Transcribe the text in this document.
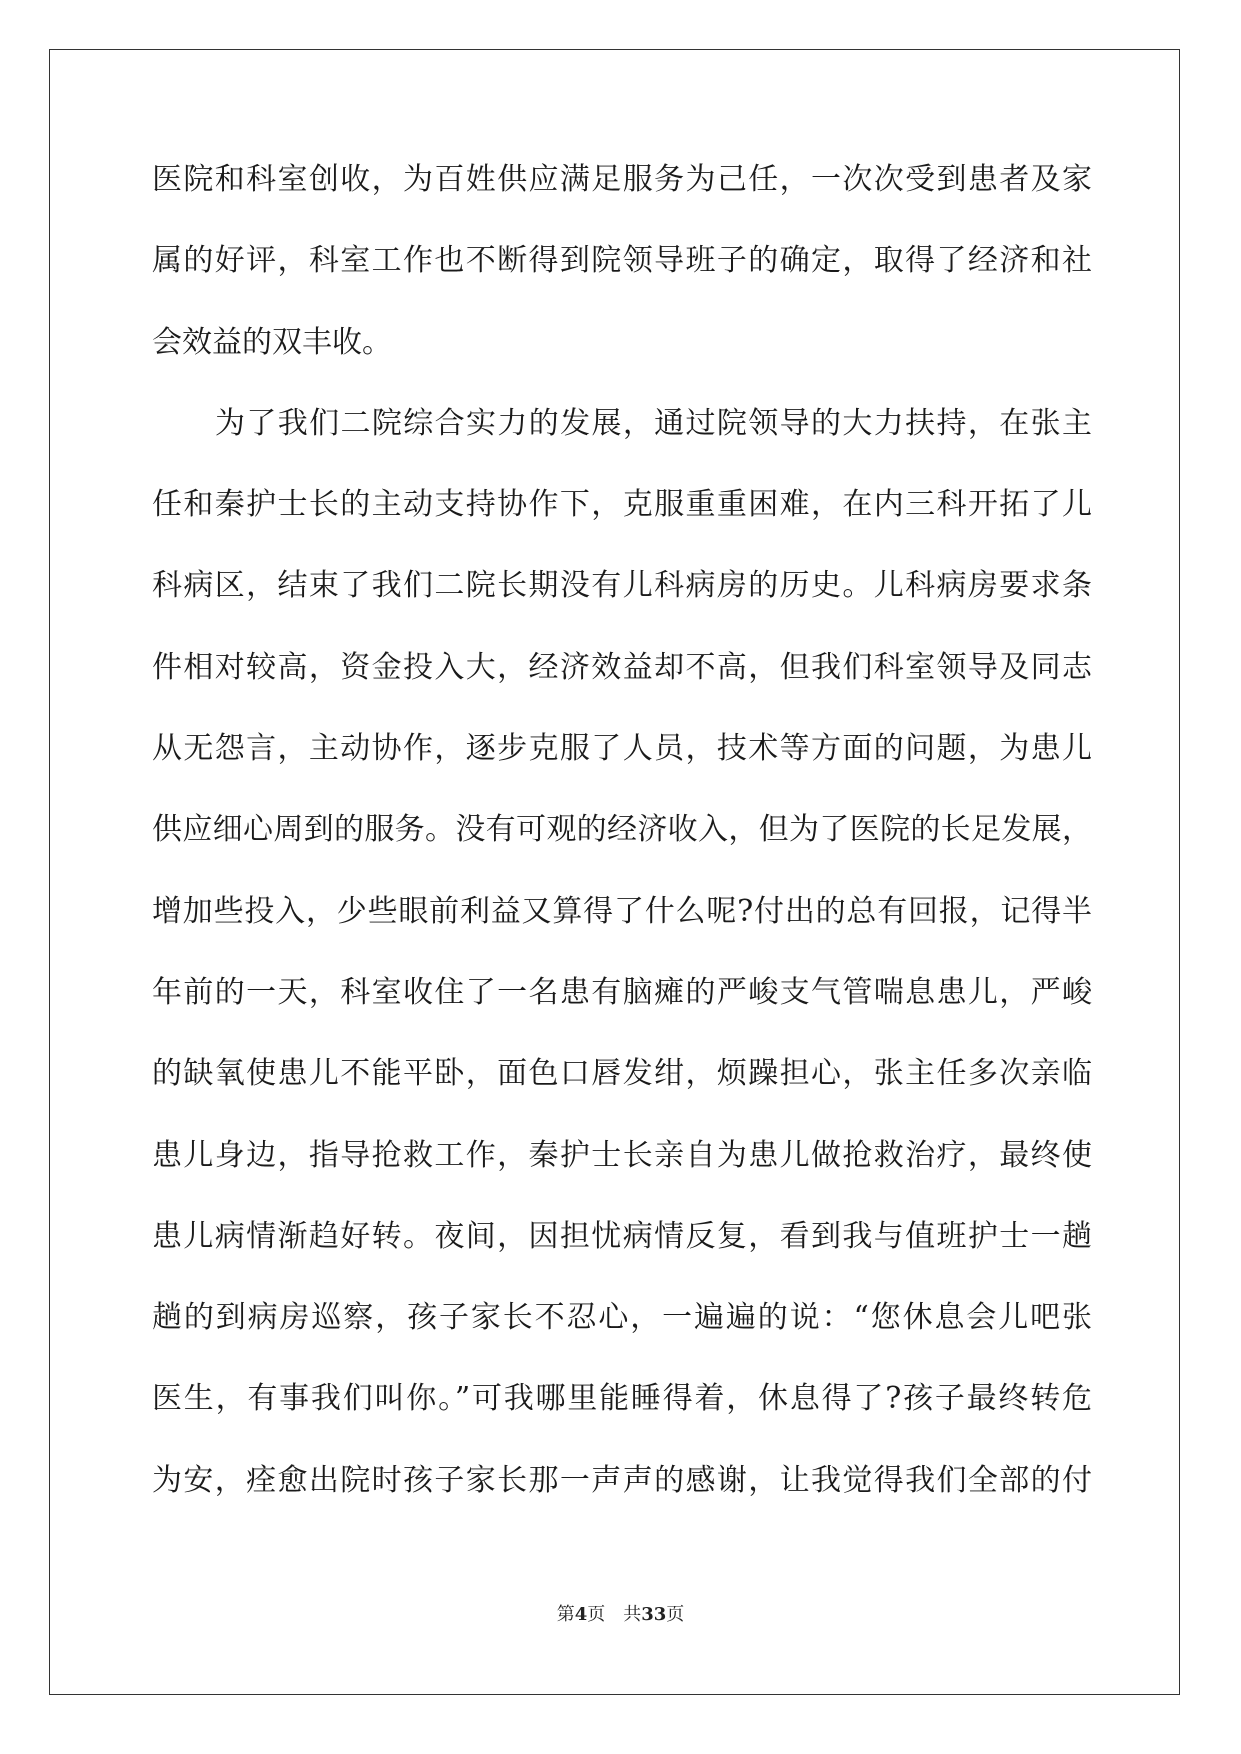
医院和科室创收，为百姓供应满足服务为己任，一次次受到患者及家
属的好评，科室工作也不断得到院领导班子的确定，取得了经济和社
会效益的双丰收。
为了我们二院综合实力的发展，通过院领导的大力扶持，在张主
任和秦护士长的主动支持协作下，克服重重困难，在内三科开拓了儿
科病区，结束了我们二院长期没有儿科病房的历史。儿科病房要求条
件相对较高，资金投入大，经济效益却不高，但我们科室领导及同志
从无怨言，主动协作，逐步克服了人员，技术等方面的问题，为患儿
供应细心周到的服务。没有可观的经济收入，但为了医院的长足发展，
增加些投入，少些眼前利益又算得了什么呢?付出的总有回报，记得半
年前的一天，科室收住了一名患有脑瘫的严峻支气管喘息患儿，严峻
的缺氧使患儿不能平卧，面色口唇发绀，烦躁担心，张主任多次亲临
患儿身边，指导抢救工作，秦护士长亲自为患儿做抢救治疗，最终使
患儿病情渐趋好转。夜间，因担忧病情反复，看到我与值班护士一趟
趟的到病房巡察，孩子家长不忍心，一遍遍的说：“您休息会儿吧张
医生，有事我们叫你。”可我哪里能睡得着，休息得了?孩子最终转危
为安，痊愈出院时孩子家长那一声声的感谢，让我觉得我们全部的付
第4页　 共33页
